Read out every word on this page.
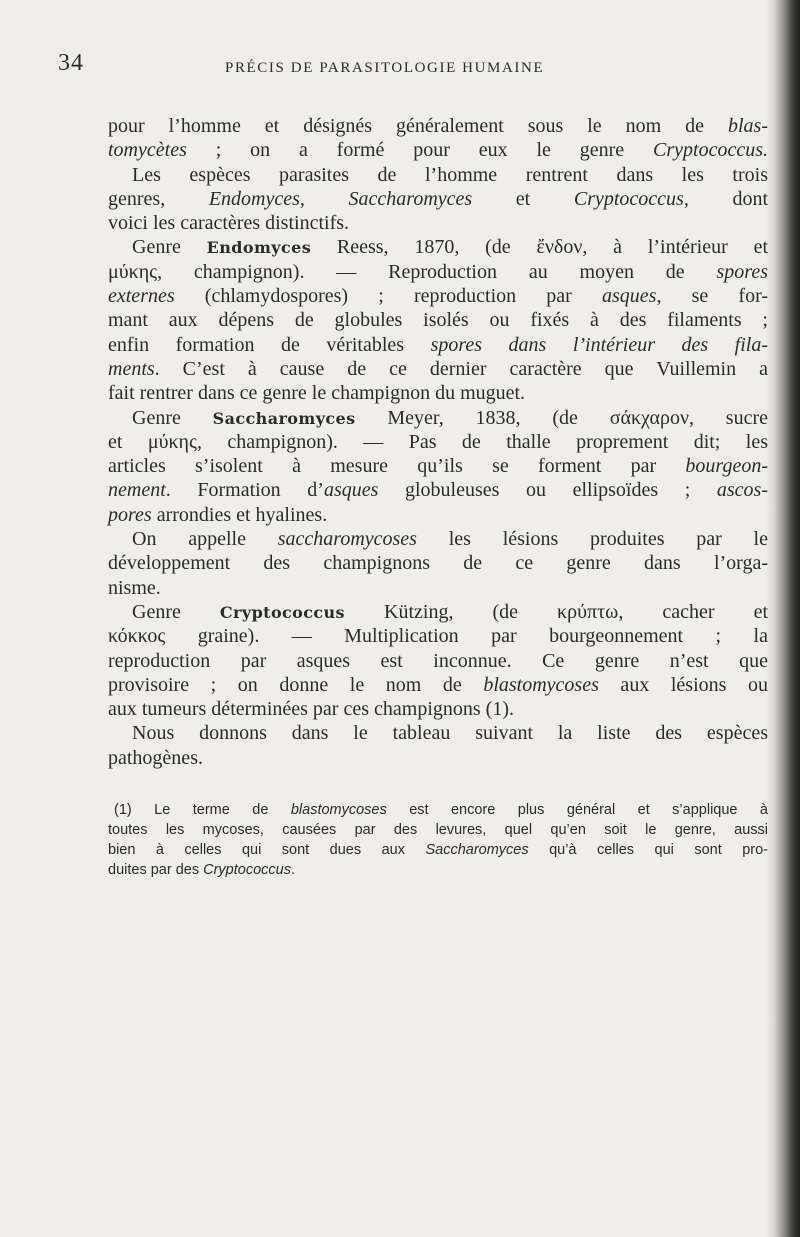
34	PRÉCIS DE PARASITOLOGIE HUMAINE
pour l’homme et désignés généralement sous le nom de blas-
tomycètes ; on a formé pour eux le genre Cryptococcus.
Les espèces parasites de l’homme rentrent dans les trois
genres, Endomyces, Saccharomyces et Cryptococcus, dont
voici les caractères distinctifs.
Genre Endomyces Reess, 1870, (de ἔνδον, à l’intérieur et
μύκης, champignon). — Reproduction au moyen de spores
externes (chlamydospores) ; reproduction par asques, se for-
mant aux dépens de globules isolés ou fixés à des filaments ;
enfin formation de véritables spores dans l’intérieur des fila-
ments. C’est à cause de ce dernier caractère que Vuillemin a
fait rentrer dans ce genre le champignon du muguet.
Genre Saccharomyces Meyer, 1838, (de σάκχαρον, sucre
et μύκης, champignon). — Pas de thalle proprement dit; les
articles s’isolent à mesure qu’ils se forment par bourgeon-
nement. Formation d’asques globuleuses ou ellipsoïdes ; ascos-
pores arrondies et hyalines.
On appelle saccharomycoses les lésions produites par le
développement des champignons de ce genre dans l’orga-
nisme.
Genre Cryptococcus Kützing, (de κρύπτω, cacher et
κόκκος graine). — Multiplication par bourgeonnement ; la
reproduction par asques est inconnue. Ce genre n’est que
provisoire ; on donne le nom de blastomycoses aux lésions ou
aux tumeurs déterminées par ces champignons (1).
Nous donnons dans le tableau suivant la liste des espèces
pathogènes.
(1) Le terme de blastomycoses est encore plus général et s’applique à
toutes les mycoses, causées par des levures, quel qu’en soit le genre, aussi
bien à celles qui sont dues aux Saccharomyces qu’à celles qui sont pro-
duites par des Cryptococcus.
